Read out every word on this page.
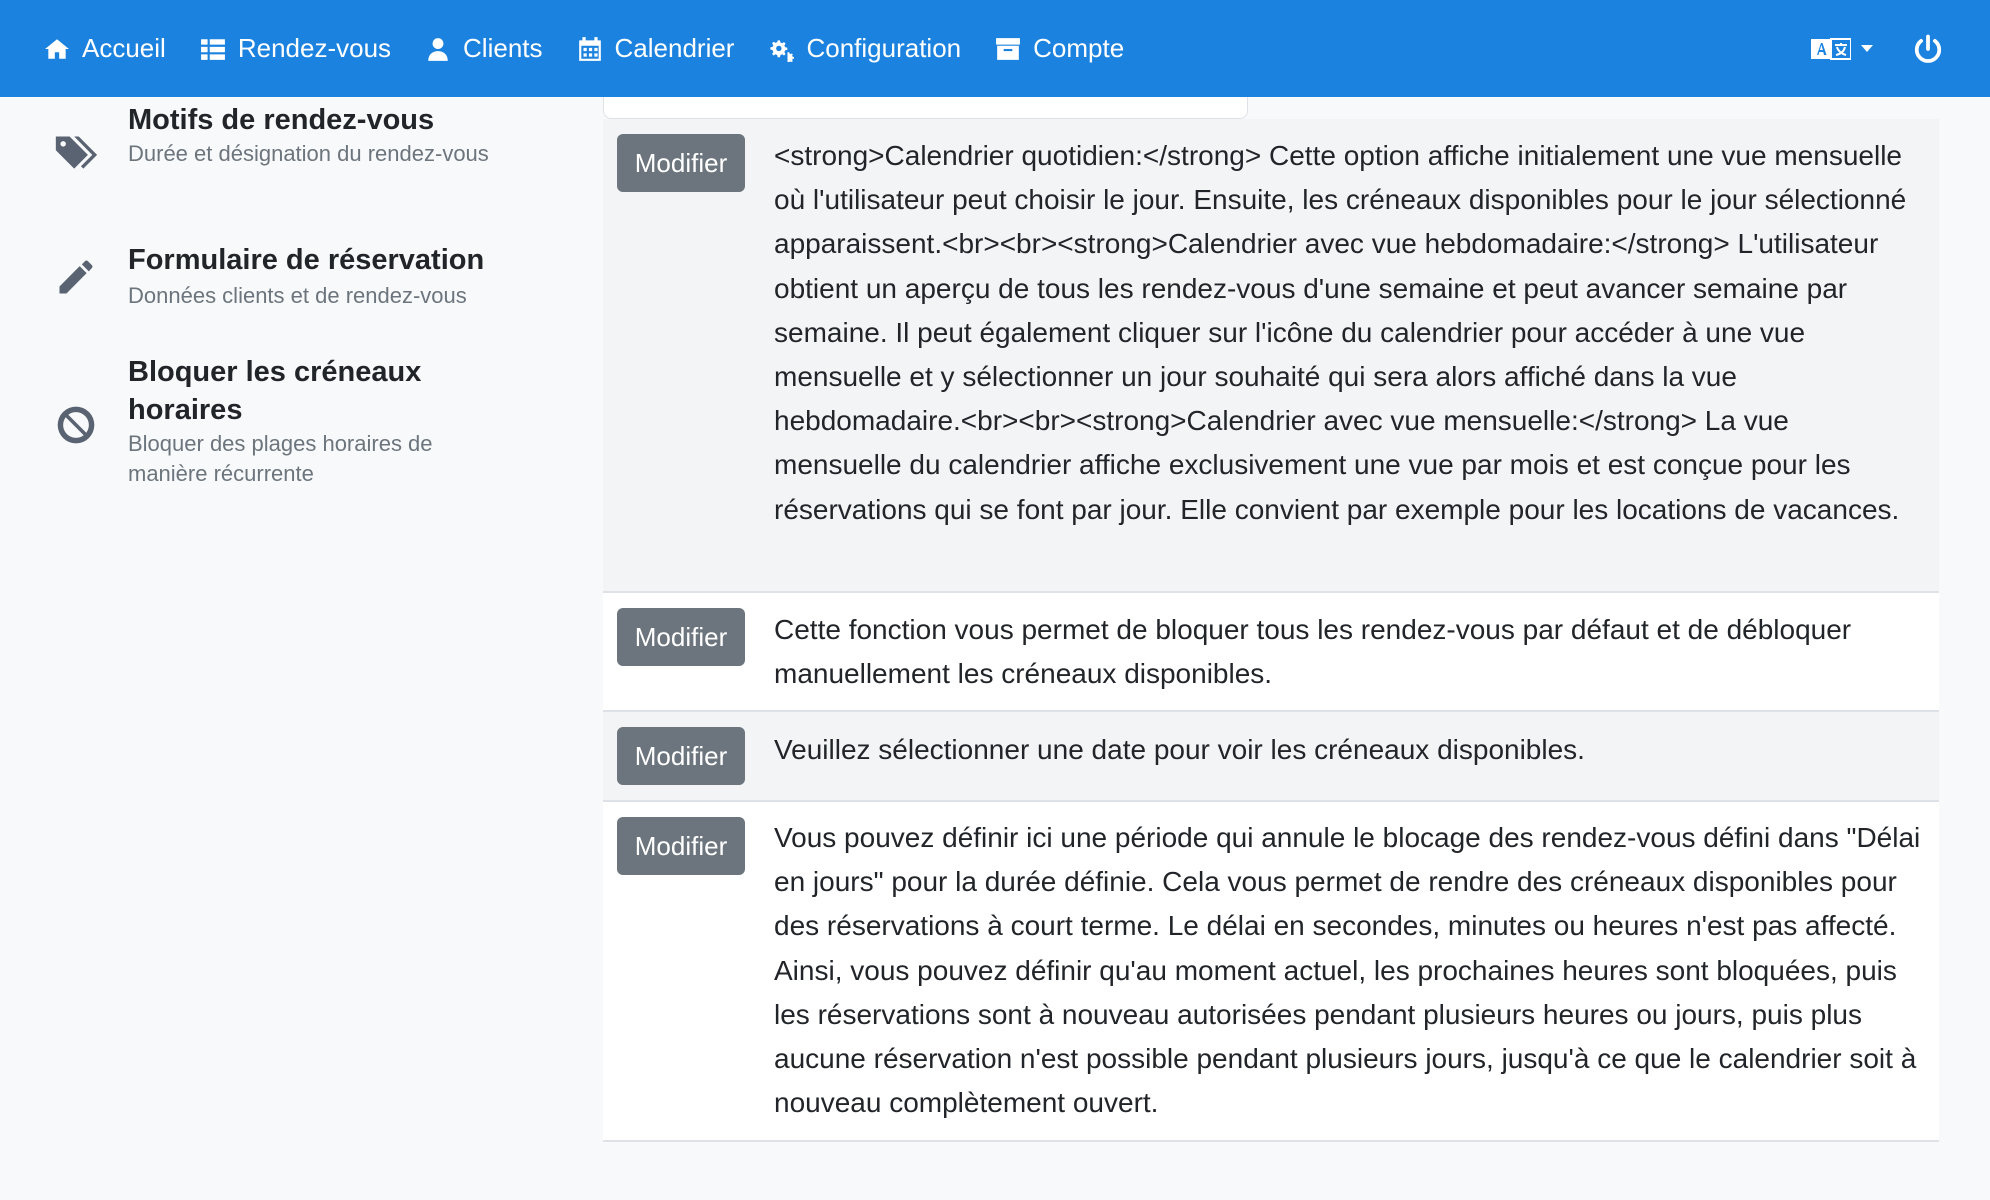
Accueil	Rendez-vous	Clients	Calendrier	Configuration	Compte
Motifs de rendez-vous
Durée et désignation du rendez-vous
Formulaire de réservation
Données clients et de rendez-vous
Bloquer les créneaux horaires
Bloquer des plages horaires de manière récurrente
Modifier	<strong>Calendrier quotidien:</strong> Cette option affiche initialement une vue mensuelle où l'utilisateur peut choisir le jour. Ensuite, les créneaux disponibles pour le jour sélectionné apparaissent.<br><br><strong>Calendrier avec vue hebdomadaire:</strong> L'utilisateur obtient un aperçu de tous les rendez-vous d'une semaine et peut avancer semaine par semaine. Il peut également cliquer sur l'icône du calendrier pour accéder à une vue mensuelle et y sélectionner un jour souhaité qui sera alors affiché dans la vue hebdomadaire.<br><br><strong>Calendrier avec vue mensuelle:</strong> La vue mensuelle du calendrier affiche exclusivement une vue par mois et est conçue pour les réservations qui se font par jour. Elle convient par exemple pour les locations de vacances.
Modifier	Cette fonction vous permet de bloquer tous les rendez-vous par défaut et de débloquer manuellement les créneaux disponibles.
Modifier	Veuillez sélectionner une date pour voir les créneaux disponibles.
Modifier	Vous pouvez définir ici une période qui annule le blocage des rendez-vous défini dans "Délai en jours" pour la durée définie. Cela vous permet de rendre des créneaux disponibles pour des réservations à court terme. Le délai en secondes, minutes ou heures n'est pas affecté. Ainsi, vous pouvez définir qu'au moment actuel, les prochaines heures sont bloquées, puis les réservations sont à nouveau autorisées pendant plusieurs heures ou jours, puis plus aucune réservation n'est possible pendant plusieurs jours, jusqu'à ce que le calendrier soit à nouveau complètement ouvert.
